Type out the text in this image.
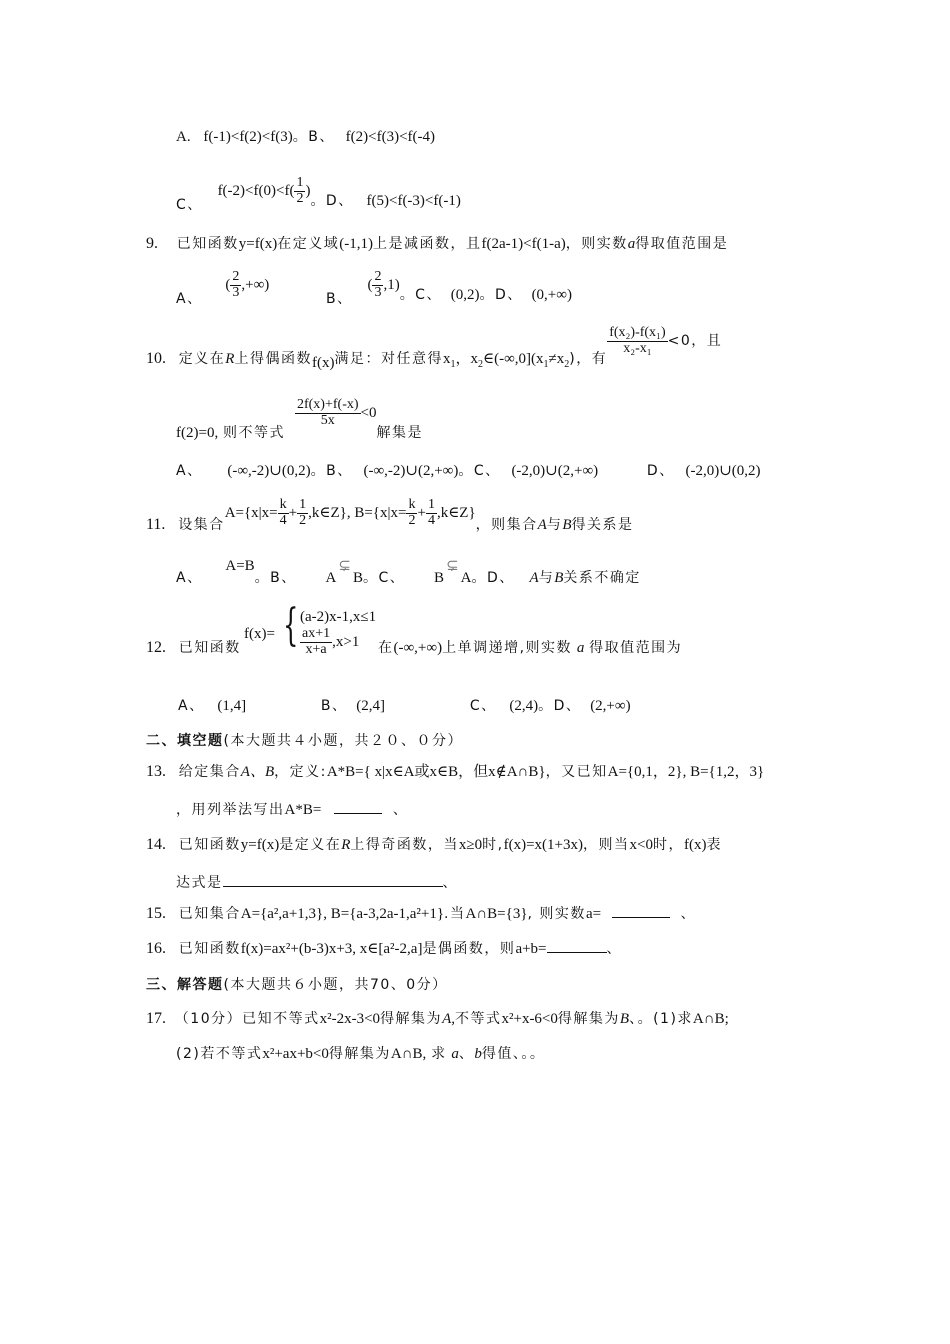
A. f(-1)<f(2)<f(3)。B、 f(2)<f(3)<f(-4)
C、 $f(-2)<f(0)<f( \frac{1}{2}$ )。D、 f(5)<f(-3)<f(-1)
9. 已知函数y=f(x)在定义域(-1,1)上是减函数，且f(2a-1)<f(1-a)，则实数a得取值范围是
A、 ( $\frac{2}{3}$ ,+∞) B、 ( $\frac{2}{3} ,1$)。C、 (0,2)。D、 (0,+∞)
10. 定义在R上得偶函数f(x)满足：对任意得$x_1$，$x_2\in(-\infty,0](x_1\ne x_2)$，有
$\frac{\text{f(x₂)-f(x₁)}}{\text{x₂-x₁}} <0$，且
f(2)=0, 则不等式
$\frac{2f(x)+f(-x)}{5x} <0$解集是
A、 (-∞,-2)∪(0,2)。B、 (-∞,-2)∪(2,+∞)。C、 (-2,0)∪(2,+∞)	D、 (-2,0)∪(0,2)
11. 设集合$A=\{x|x= \frac{k}{4} + \frac{1}{2}$ ,k∈Z}, $B=\{x|x= \frac{k}{2} + \frac{1}{4}$ ,k∈Z}，则集合A与B得关系是
A、 A=B。B、 A⊊B。C、 B⊊A。D、 A与B关系不确定
12. 已知函数
f(x)= { (a-2)x-1,x≤1
$\frac{ax+1}{x+a} ,x>1$ 在(-∞,+∞)上单调递增,则实数 a 得取值范围为
A、 (1,4]	B、 (2,4]	C、 (2,4)。D、 (2,+∞)
二、填空题(本大题共４小题，共２０、０分）
13. 给定集合A、B，定义:A*B={ x|x∈A或x∈B，但x∉A∩B}，又已知A={0,1，2}, B={1,2，3}
，用列举法写出A*B=	、
14. 已知函数y=f(x)是定义在R上得奇函数，当x≥0时,f(x)=x(1+3x)，则当x<0时，f(x)表
达式是	、
15. 已知集合A={a²,a+1,3}, B={a-3,2a-1,a²+1}.当A∩B={3}, 则实数a=	、
16. 已知函数f(x)=ax²+(b-3)x+3, x∈[a²-2,a]是偶函数，则a+b=	、
三、解答题(本大题共６小题，共70、0分）
17. （10分）已知不等式x²-2x-3<0得解集为A,不等式x²+x-6<0得解集为B、。(1)求A∩B;
(2)若不等式x²+ax+b<0得解集为A∩B, 求 a、b得值、。。
